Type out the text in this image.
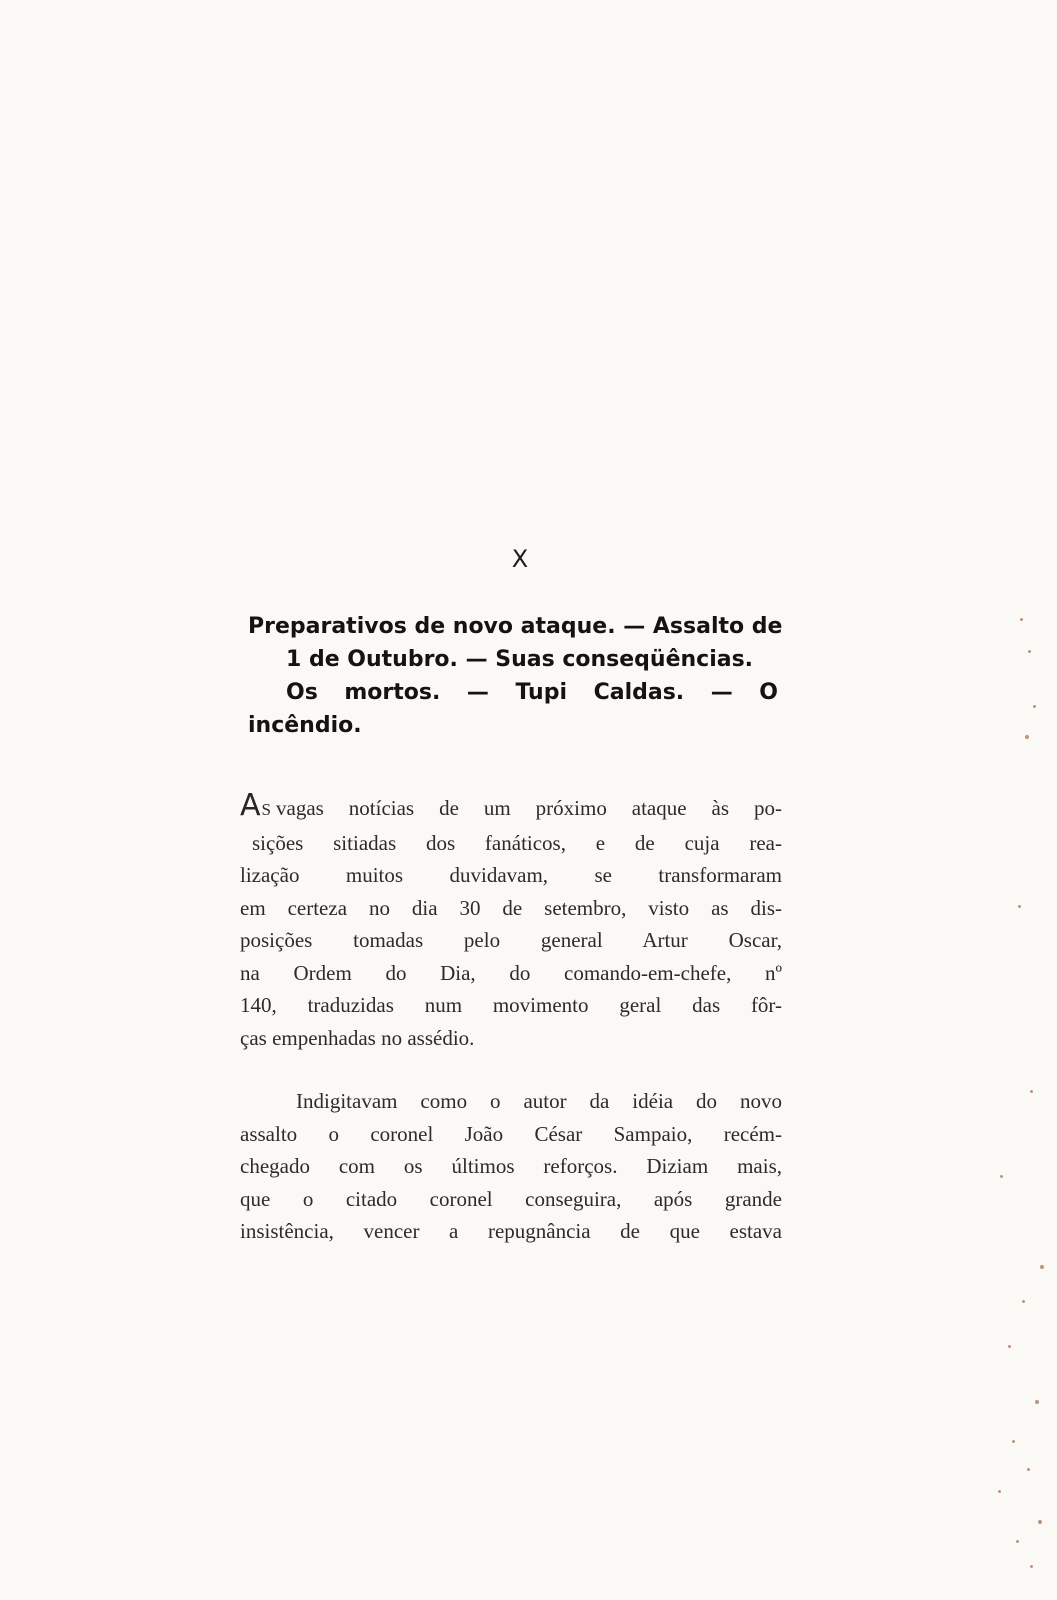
X
Preparativos de novo ataque. — Assalto de
1 de Outubro. — Suas conseqüências.
Os mortos. — Tupi Caldas. — O
incêndio.
AS vagas notícias de um próximo ataque às po-
sições sitiadas dos fanáticos, e de cuja rea-
lização muitos duvidavam, se transformaram
em certeza no dia 30 de setembro, visto as dis-
posições tomadas pelo general Artur Oscar,
na Ordem do Dia, do comando-em-chefe, nº
140, traduzidas num movimento geral das fôr-
ças empenhadas no assédio.
Indigitavam como o autor da idéia do novo
assalto o coronel João César Sampaio, recém-
chegado com os últimos reforços. Diziam mais,
que o citado coronel conseguira, após grande
insistência, vencer a repugnância de que estava
